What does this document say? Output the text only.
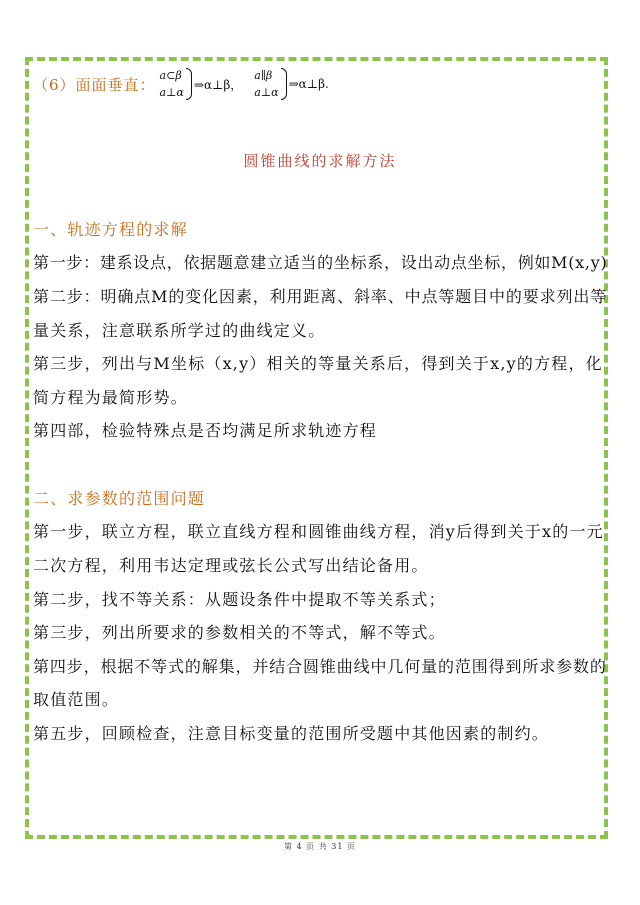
（6）面面垂直： a⊂β
a⊥α
⇒α⊥β，
a∥β
a⊥α
⇒α⊥β.
圆锥曲线的求解方法
一、轨迹方程的求解
第一步：建系设点，依据题意建立适当的坐标系，设出动点坐标，例如M(x,y)
第二步：明确点M的变化因素，利用距离、斜率、中点等题目中的要求列出等
量关系，注意联系所学过的曲线定义。
第三步，列出与M坐标（x,y）相关的等量关系后，得到关于x,y的方程，化
简方程为最简形势。
第四部，检验特殊点是否均满足所求轨迹方程
二、求参数的范围问题
第一步，联立方程，联立直线方程和圆锥曲线方程，消y后得到关于x的一元
二次方程，利用韦达定理或弦长公式写出结论备用。
第二步，找不等关系：从题设条件中提取不等关系式；
第三步，列出所要求的参数相关的不等式，解不等式。
第四步，根据不等式的解集，并结合圆锥曲线中几何量的范围得到所求参数的
取值范围。
第五步，回顾检查，注意目标变量的范围所受题中其他因素的制约。
第 4 页 共 31 页
